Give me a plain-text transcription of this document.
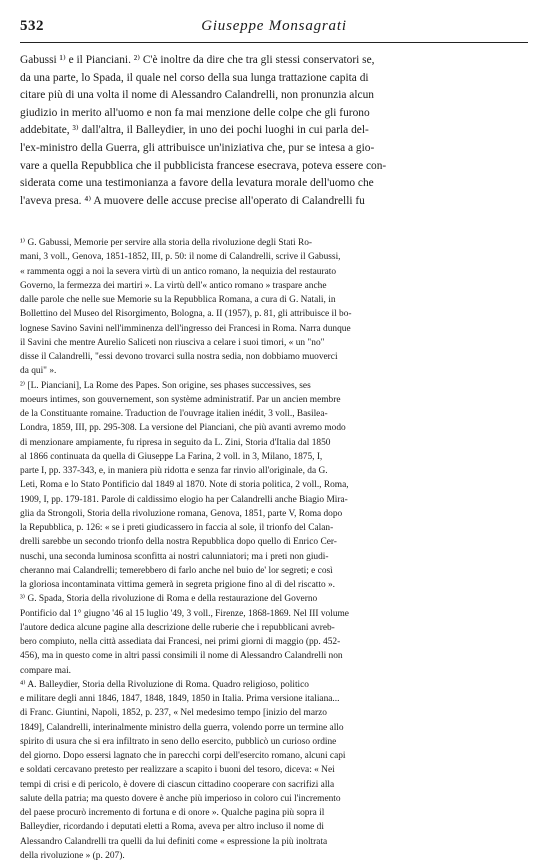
532	Giuseppe Monsagrati
Gabussi ¹⁾ e il Pianciani. ²⁾ C'è inoltre da dire che tra gli stessi conservatori se,
da una parte, lo Spada, il quale nel corso della sua lunga trattazione capita di
citare più di una volta il nome di Alessandro Calandrelli, non pronunzia alcun
giudizio in merito all'uomo e non fa mai menzione delle colpe che gli furono
addebitate, ³⁾ dall'altra, il Balleydier, in uno dei pochi luoghi in cui parla del-
l'ex-ministro della Guerra, gli attribuisce un'iniziativa che, pur se intesa a gio-
vare a quella Repubblica che il pubblicista francese esecrava, poteva essere con-
siderata come una testimonianza a favore della levatura morale dell'uomo che
l'aveva presa. ⁴⁾ A muovere delle accuse precise all'operato di Calandrelli fu
¹⁾ G. Gabussi, Memorie per servire alla storia della rivoluzione degli Stati Ro-
mani, 3 voll., Genova, 1851-1852, III, p. 50: il nome di Calandrelli, scrive il Gabussi,
« rammenta oggi a noi la severa virtù di un antico romano, la nequizia del restaurato
Governo, la fermezza dei martiri ». La virtù dell'« antico romano » traspare anche
dalle parole che nelle sue Memorie su la Repubblica Romana, a cura di G. Natali, in
Bollettino del Museo del Risorgimento, Bologna, a. II (1957), p. 81, gli attribuisce il bo-
lognese Savino Savini nell'imminenza dell'ingresso dei Francesi in Roma. Narra dunque
il Savini che mentre Aurelio Saliceti non riusciva a celare i suoi timori, « un "no"
disse il Calandrelli, "essi devono trovarci sulla nostra sedia, non dobbiamo muoverci
da qui" ».
²⁾ [L. Pianciani], La Rome des Papes. Son origine, ses phases successives, ses
moeurs intimes, son gouvernement, son système administratif. Par un ancien membre
de la Constituante romaine. Traduction de l'ouvrage italien inédit, 3 voll., Basilea-
Londra, 1859, III, pp. 295-308. La versione del Pianciani, che più avanti avremo modo
di menzionare ampiamente, fu ripresa in seguito da L. Zini, Storia d'Italia dal 1850
al 1866 continuata da quella di Giuseppe La Farina, 2 voll. in 3, Milano, 1875, I,
parte I, pp. 337-343, e, in maniera più ridotta e senza far rinvio all'originale, da G.
Leti, Roma e lo Stato Pontificio dal 1849 al 1870. Note di storia politica, 2 voll., Roma,
1909, I, pp. 179-181. Parole di caldissimo elogio ha per Calandrelli anche Biagio Mira-
glia da Strongoli, Storia della rivoluzione romana, Genova, 1851, parte V, Roma dopo
la Repubblica, p. 126: « se i preti giudicassero in faccia al sole, il trionfo del Calan-
drelli sarebbe un secondo trionfo della nostra Repubblica dopo quello di Enrico Cer-
nuschi, una seconda luminosa sconfitta ai nostri calunniatori; ma i preti non giudi-
cheranno mai Calandrelli; temerebbero di farlo anche nel buio de' lor segreti; e così
la gloriosa incontaminata vittima gemerà in segreta prigione fino al dì del riscatto ».
³⁾ G. Spada, Storia della rivoluzione di Roma e della restaurazione del Governo
Pontificio dal 1° giugno '46 al 15 luglio '49, 3 voll., Firenze, 1868-1869. Nel III volume
l'autore dedica alcune pagine alla descrizione delle ruberie che i repubblicani avreb-
bero compiuto, nella città assediata dai Francesi, nei primi giorni di maggio (pp. 452-
456), ma in questo come in altri passi consimili il nome di Alessandro Calandrelli non
compare mai.
⁴⁾ A. Balleydier, Storia della Rivoluzione di Roma. Quadro religioso, politico
e militare degli anni 1846, 1847, 1848, 1849, 1850 in Italia. Prima versione italiana...
di Franc. Giuntini, Napoli, 1852, p. 237, « Nel medesimo tempo [inizio del marzo
1849], Calandrelli, interinalmente ministro della guerra, volendo porre un termine allo
spirito di usura che si era infiltrato in seno dello esercito, pubblicò un curioso ordine
del giorno. Dopo essersi lagnato che in parecchi corpi dell'esercito romano, alcuni capi
e soldati cercavano pretesto per realizzare a scapito i buoni del tesoro, diceva: « Nei
tempi di crisi e di pericolo, è dovere di ciascun cittadino cooperare con sacrifizi alla
salute della patria; ma questo dovere è anche più imperioso in coloro cui l'incremento
del paese procurò incremento di fortuna e di onore ». Qualche pagina più sopra il
Balleydier, ricordando i deputati eletti a Roma, aveva per altro incluso il nome di
Alessandro Calandrelli tra quelli da lui definiti come « espressione la più inoltrata
della rivoluzione » (p. 207).
